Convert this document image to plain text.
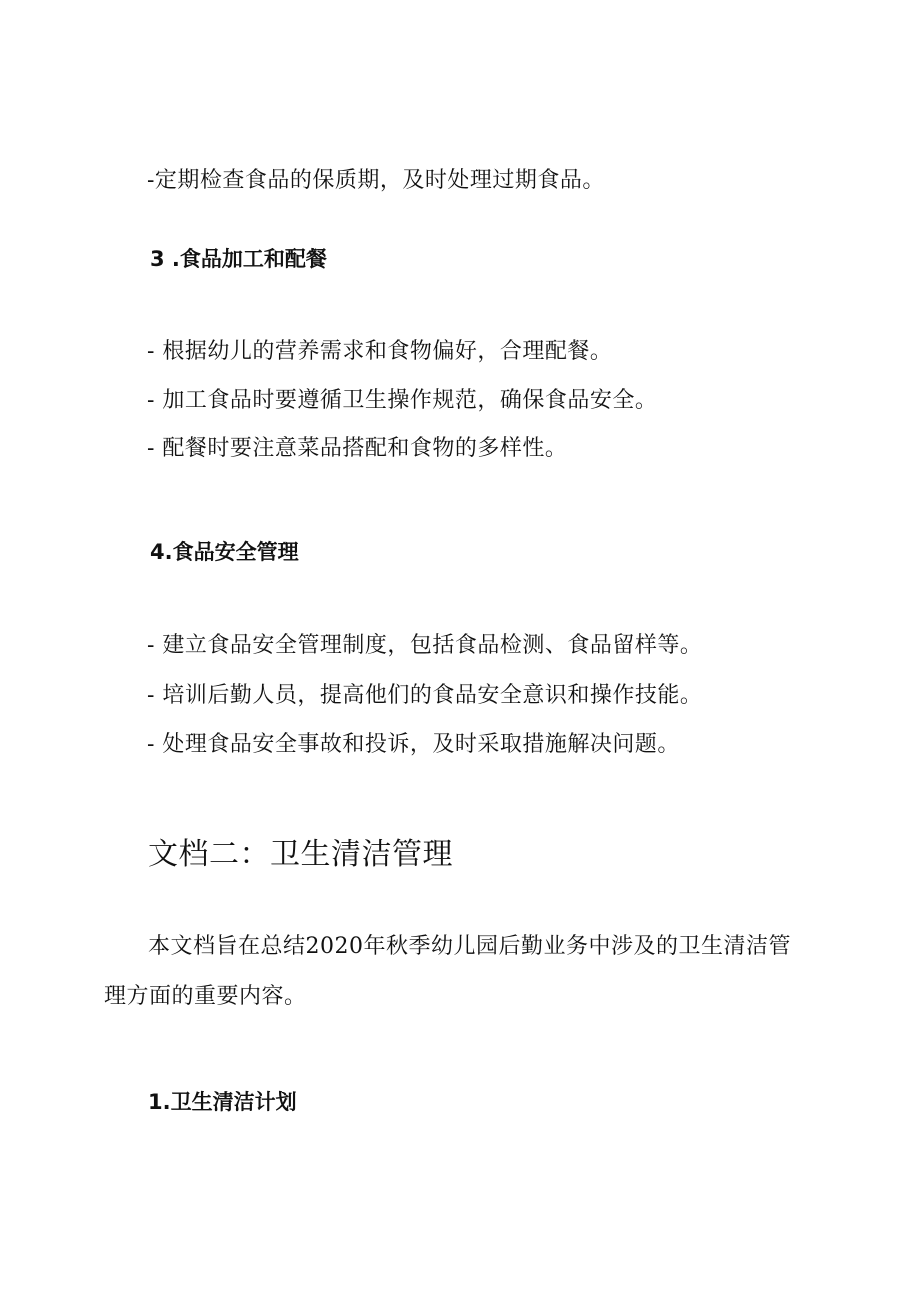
-定期检查食品的保质期，及时处理过期食品。
3 .食品加工和配餐
- 根据幼儿的营养需求和食物偏好，合理配餐。
- 加工食品时要遵循卫生操作规范，确保食品安全。
- 配餐时要注意菜品搭配和食物的多样性。
4.食品安全管理
- 建立食品安全管理制度，包括食品检测、食品留样等。
- 培训后勤人员，提高他们的食品安全意识和操作技能。
- 处理食品安全事故和投诉，及时采取措施解决问题。
文档二：卫生清洁管理
本文档旨在总结2020年秋季幼儿园后勤业务中涉及的卫生清洁管
理方面的重要内容。
1.卫生清洁计划
